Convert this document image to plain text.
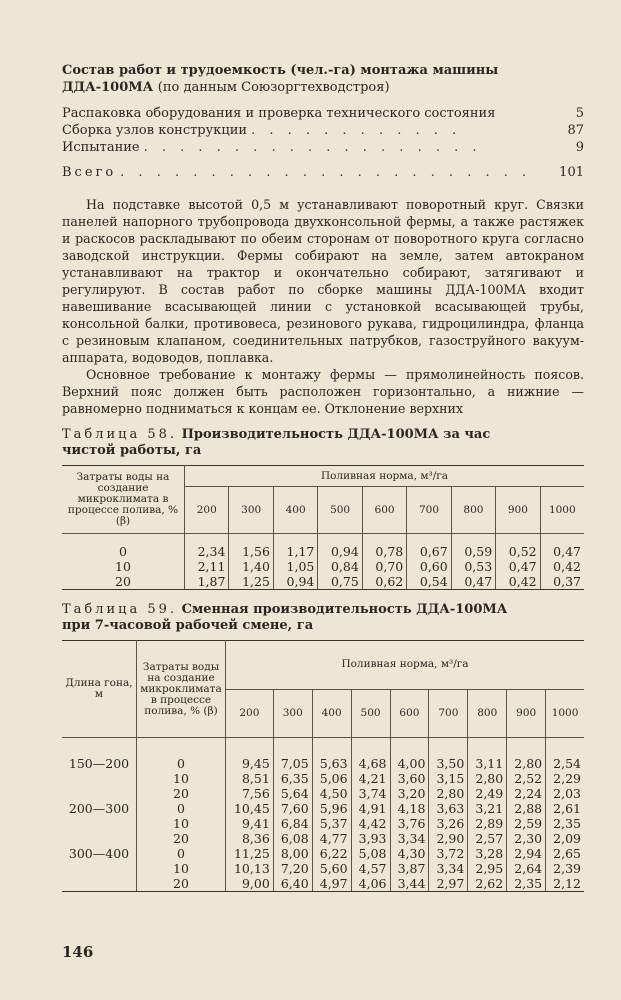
Состав работ и трудоемкость (чел.-га) монтажа машины
ДДА-100МА (по данным Союзоргтехводстроя)

Распаковка оборудования и проверка технического состояния	5
Сборка узлов конструкции . . . . . . . . . . . .	87
Испытание . . . . . . . . . . . . . . . . . . .	9
Всего . . . . . . . . . . . . . . . . . . . . . . .	101

На подставке высотой 0,5 м устанавливают поворотный круг. Связки панелей напорного трубопровода двухконсольной фермы, а также растяжек и раскосов раскладывают по обеим сторонам от поворотного круга согласно заводской инструкции. Фермы собирают на земле, затем автокраном устанавливают на трактор и окончательно собирают, затягивают и регулируют. В состав работ по сборке машины ДДА-100МА входит навешивание всасывающей линии с установкой всасывающей трубы, консольной балки, противовеса, резинового рукава, гидроцилиндра, фланца с резиновым клапаном, соединительных патрубков, газоструйного вакуум-аппарата, водоводов, поплавка.

Основное требование к монтажу фермы — прямолинейность поясов. Верхний пояс должен быть расположен горизонтально, а нижние — равномерно подниматься к концам ее. Отклонение верхних

Таблица 58. Производительность ДДА-100МА за час
чистой работы, га

Затраты воды на создание микроклимата в процессе полива, % (β)	Поливная норма, м³/га								
	200	300	400	500	600	700	800	900	1000

0	2,34	1,56	1,17	0,94	0,78	0,67	0,59	0,52	0,47
10	2,11	1,40	1,05	0,84	0,70	0,60	0,53	0,47	0,42
20	1,87	1,25	0,94	0,75	0,62	0,54	0,47	0,42	0,37

Таблица 59. Сменная производительность ДДА-100МА
при 7-часовой рабочей смене, га

Длина гона, м	Затраты воды на создание микроклимата в процессе полива, % (β)	Поливная норма, м³/га								
		200	300	400	500	600	700	800	900	1000

150—200	0	9,45	7,05	5,63	4,68	4,00	3,50	3,11	2,80	2,54
	10	8,51	6,35	5,06	4,21	3,60	3,15	2,80	2,52	2,29
	20	7,56	5,64	4,50	3,74	3,20	2,80	2,49	2,24	2,03
200—300	0	10,45	7,60	5,96	4,91	4,18	3,63	3,21	2,88	2,61
	10	9,41	6,84	5,37	4,42	3,76	3,26	2,89	2,59	2,35
	20	8,36	6,08	4,77	3,93	3,34	2,90	2,57	2,30	2,09
300—400	0	11,25	8,00	6,22	5,08	4,30	3,72	3,28	2,94	2,65
	10	10,13	7,20	5,60	4,57	3,87	3,34	2,95	2,64	2,39
	20	9,00	6,40	4,97	4,06	3,44	2,97	2,62	2,35	2,12
146
